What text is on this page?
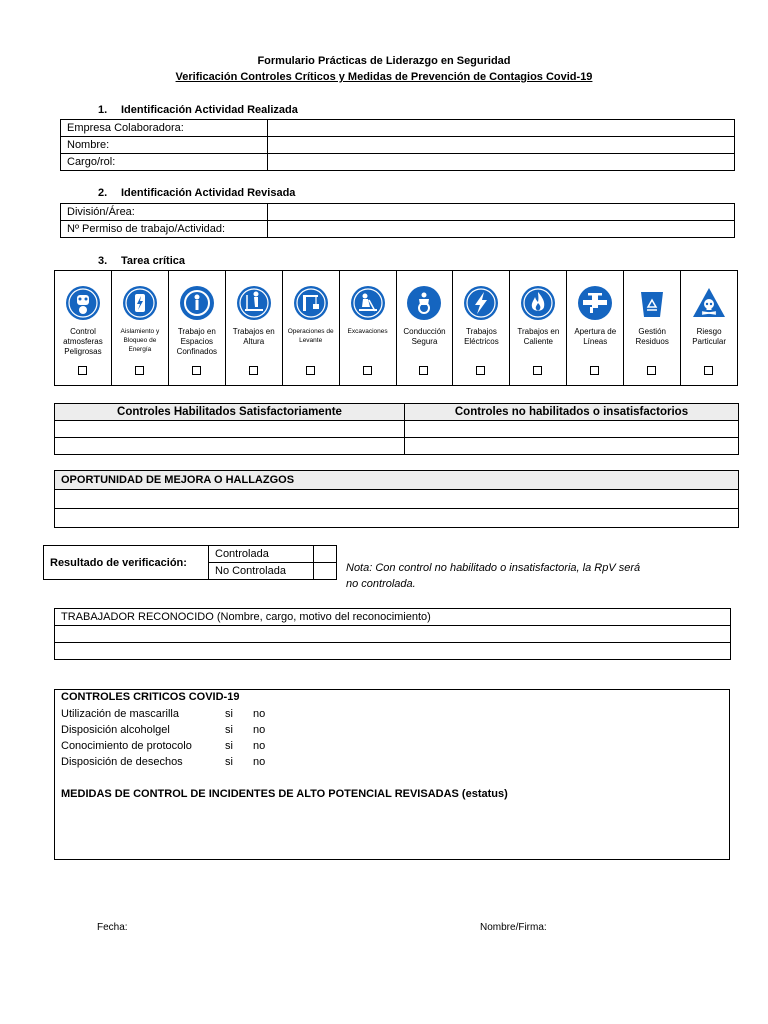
Formulario Prácticas de Liderazgo en Seguridad
Verificación Controles Críticos y Medidas de Prevención de Contagios Covid-19
1. Identificación Actividad Realizada
Empresa Colaboradora:	
Nombre:	
Cargo/rol:	
2. Identificación Actividad Revisada
División/Área:	
Nº Permiso de trabajo/Actividad:	
3. Tarea crítica
Control atmosferas Peligrosas
Aislamiento y Bloqueo de Energía
Trabajo en Espacios Confinados
Trabajos en Altura
Operaciones de Levante
Excavaciones	Conducción Segura
Trabajos Eléctricos
Trabajos en Caliente
Apertura de Líneas
Gestión Residuos
Riesgo Particular
Controles Habilitados Satisfactoriamente	Controles no habilitados o insatisfactorios

OPORTUNIDAD DE MEJORA O HALLAZGOS

Resultado de verificación:	Controlada	
	No Controlada		Nota: Con control no habilitado o insatisfactoria, la RpV será
no controlada.
TRABAJADOR RECONOCIDO (Nombre, cargo, motivo del reconocimiento)

CONTROLES CRITICOS COVID-19
Utilización de mascarilla	si no
Disposición alcoholgel	si no
Conocimiento de protocolo	si no
Disposición de desechos	si no
MEDIDAS DE CONTROL DE INCIDENTES DE ALTO POTENCIAL REVISADAS (estatus)
Fecha:	Nombre/Firma:
